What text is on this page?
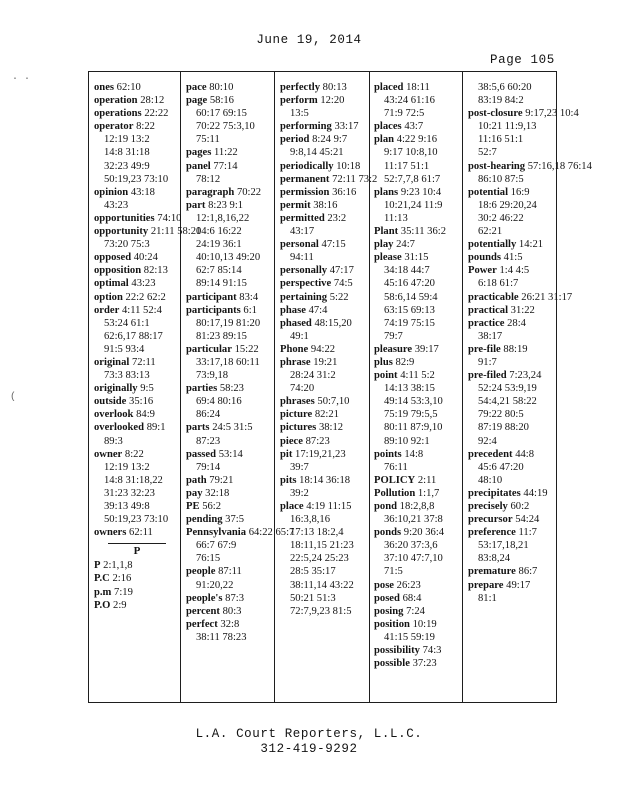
June 19, 2014
Page 105
. .
(
ones 62:10
operation 28:12
operations 22:22
operator 8:22
12:19 13:2
14:8 31:18
32:23 49:9
50:19,23 73:10
opinion 43:18
43:23
opportunities 74:10
opportunity 21:11 58:20
73:20 75:3
opposed 40:24
opposition 82:13
optimal 43:23
option 22:2 62:2
order 4:11 52:4
53:24 61:1
62:6,17 88:17
91:5 93:4
original 72:11
73:3 83:13
originally 9:5
outside 35:16
overlook 84:9
overlooked 89:1
89:3
owner 8:22
12:19 13:2
14:8 31:18,22
31:23 32:23
39:13 49:8
50:19,23 73:10
owners 62:11
P
P 2:1,1,8
P.C 2:16
p.m 7:19
P.O 2:9
pace 80:10
page 58:16
60:17 69:15
70:22 75:3,10
75:11
pages 11:22
panel 77:14
78:12
paragraph 70:22
part 8:23 9:1
12:1,8,16,22
14:6 16:22
24:19 36:1
40:10,13 49:20
62:7 85:14
89:14 91:15
participant 83:4
participants 6:1
80:17,19 81:20
81:23 89:15
particular 15:22
33:17,18 60:11
73:9,18
parties 58:23
69:4 80:16
86:24
parts 24:5 31:5
87:23
passed 53:14
79:14
path 79:21
pay 32:18
PE 56:2
pending 37:5
Pennsylvania 64:22 65:7
66:7 67:9
76:15
people 87:11
91:20,22
people's 87:3
percent 80:3
perfect 32:8
38:11 78:23
perfectly 80:13
perform 12:20
13:5
performing 33:17
period 8:24 9:7
9:8,14 45:21
periodically 10:18
permanent 72:11 73:2
permission 36:16
permit 38:16
permitted 23:2
43:17
personal 47:15
94:11
personally 47:17
perspective 74:5
pertaining 5:22
phase 47:4
phased 48:15,20
49:1
Phone 94:22
phrase 19:21
28:24 31:2
74:20
phrases 50:7,10
picture 82:21
pictures 38:12
piece 87:23
pit 17:19,21,23
39:7
pits 18:14 36:18
39:2
place 4:19 11:15
16:3,8,16
17:13 18:2,4
18:11,15 21:23
22:5,24 25:23
28:5 35:17
38:11,14 43:22
50:21 51:3
72:7,9,23 81:5
placed 18:11
43:24 61:16
71:9 72:5
places 43:7
plan 4:22 9:16
9:17 10:8,10
11:17 51:1
52:7,7,8 61:7
plans 9:23 10:4
10:21,24 11:9
11:13
Plant 35:11 36:2
play 24:7
please 31:15
34:18 44:7
45:16 47:20
58:6,14 59:4
63:15 69:13
74:19 75:15
79:7
pleasure 39:17
plus 82:9
point 4:11 5:2
14:13 38:15
49:14 53:3,10
75:19 79:5,5
80:11 87:9,10
89:10 92:1
points 14:8
76:11
POLICY 2:11
Pollution 1:1,7
pond 18:2,8,8
36:10,21 37:8
ponds 9:20 36:4
36:20 37:3,6
37:10 47:7,10
71:5
pose 26:23
posed 68:4
posing 7:24
position 10:19
41:15 59:19
possibility 74:3
possible 37:23
38:5,6 60:20
83:19 84:2
post-closure 9:17,23 10:4
10:21 11:9,13
11:16 51:1
52:7
post-hearing 57:16,18 76:14
86:10 87:5
potential 16:9
18:6 29:20,24
30:2 46:22
62:21
potentially 14:21
pounds 41:5
Power 1:4 4:5
6:18 61:7
practicable 26:21 31:17
practical 31:22
practice 28:4
38:17
pre-file 88:19
91:7
pre-filed 7:23,24
52:24 53:9,19
54:4,21 58:22
79:22 80:5
87:19 88:20
92:4
precedent 44:8
45:6 47:20
48:10
precipitates 44:19
precisely 60:2
precursor 54:24
preference 11:7
53:17,18,21
83:8,24
premature 86:7
prepare 49:17
81:1
L.A. Court Reporters, L.L.C.
312-419-9292
